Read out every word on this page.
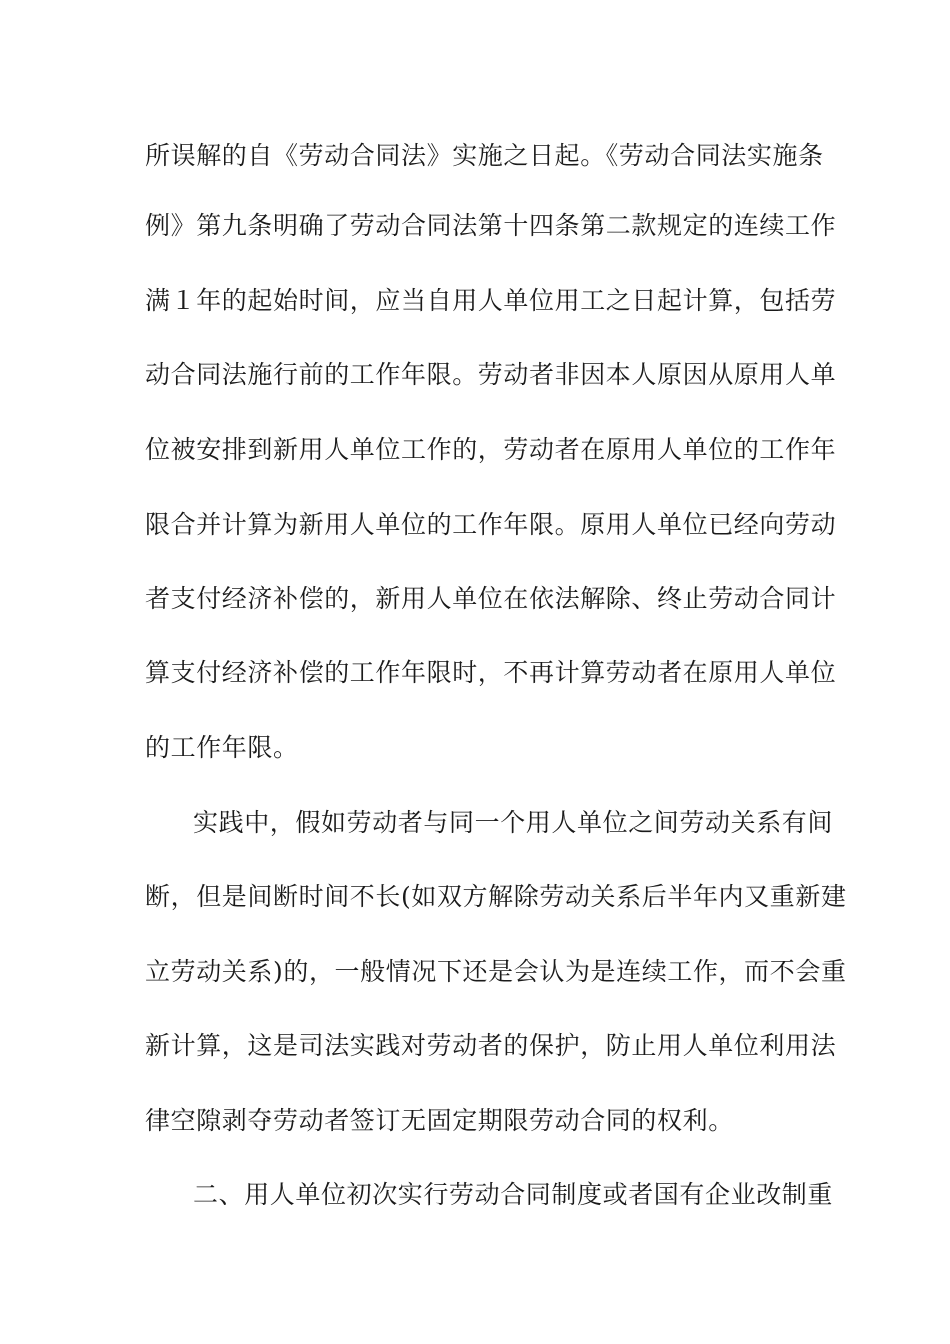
所误解的自《劳动合同法》实施之日起。《劳动合同法实施条
例》第九条明确了劳动合同法第十四条第二款规定的连续工作
满１年的起始时间，应当自用人单位用工之日起计算，包括劳
动合同法施行前的工作年限。劳动者非因本人原因从原用人单
位被安排到新用人单位工作的，劳动者在原用人单位的工作年
限合并计算为新用人单位的工作年限。原用人单位已经向劳动
者支付经济补偿的，新用人单位在依法解除、终止劳动合同计
算支付经济补偿的工作年限时，不再计算劳动者在原用人单位
的工作年限。
实践中，假如劳动者与同一个用人单位之间劳动关系有间
断，但是间断时间不长(如双方解除劳动关系后半年内又重新建
立劳动关系)的，一般情况下还是会认为是连续工作，而不会重
新计算，这是司法实践对劳动者的保护，防止用人单位利用法
律空隙剥夺劳动者签订无固定期限劳动合同的权利。
二、用人单位初次实行劳动合同制度或者国有企业改制重
